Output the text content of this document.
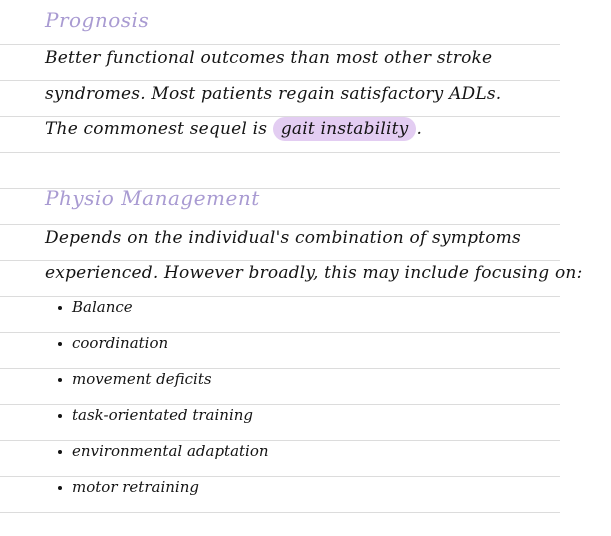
Prognosis
Better functional outcomes than most other stroke
syndromes. Most patients regain satisfactory ADLs.
The commonest sequel is gait instability .
Physio Management
Depends on the individual's combination of symptoms
experienced. However broadly, this may include focusing on:
Balance
coordination
movement deficits
task-orientated training
environmental adaptation
motor retraining
